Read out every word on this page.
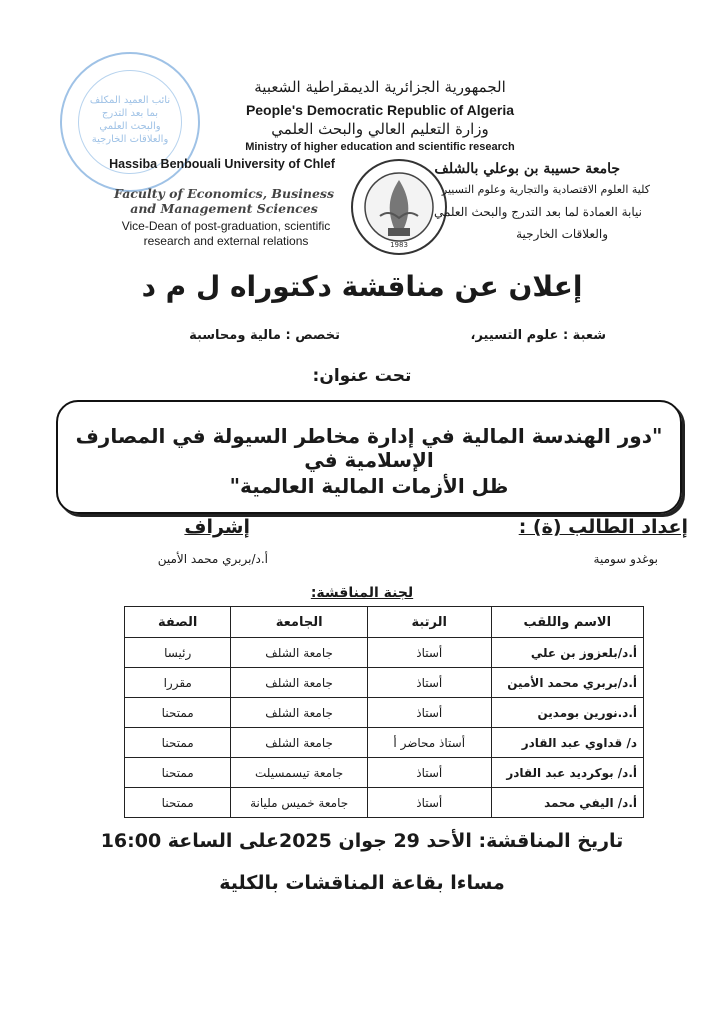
نائب العميد المكلف بما بعد التدرج والبحث العلمي والعلاقات الخارجية
الجمهورية الجزائرية الديمقراطية الشعبية
People's Democratic Republic of Algeria
وزارة التعليم العالي والبحث العلمي
Ministry of higher education and scientific research
Hassiba Benbouali University of Chlef
Faculty of Economics, Business and Management Sciences
Vice-Dean of post-graduation, scientific research and external relations	1983
جامعة حسيبة بن بوعلي بالشلف
كلية العلوم الاقتصادية والتجارية وعلوم التسيير
نيابة العمادة لما بعد التدرج والبحث العلمي
والعلاقات الخارجية
إعلان عن مناقشة دكتوراه ل م د
شعبة : علوم التسيير،
تخصص : مالية ومحاسبة
تحت عنوان:
"دور الهندسة المالية في إدارة مخاطر السيولة في المصارف الإسلامية في
ظل الأزمات المالية العالمية"
إعداد الطالب (ة) :
إشراف
بوغدو سومية
أ.د/بربري محمد الأمين
لجنة المناقشة:
الاسم واللقب	الرتبة	الجامعة	الصفة
أ.د/بلعزوز بن علي	أستاذ	جامعة الشلف	رئيسا
أ.د/بربري محمد الأمين	أستاذ	جامعة الشلف	مقررا
أ.د.نورين بومدين	أستاذ	جامعة الشلف	ممتحنا
د/ قداوي عبد القادر	أستاذ محاضر أ	جامعة الشلف	ممتحنا
أ.د/ بوكرديد عبد القادر	أستاذ	جامعة تيسمسيلت	ممتحنا
أ.د/ اليفي محمد	أستاذ	جامعة خميس مليانة	ممتحنا
تاريخ المناقشة: الأحد 29 جوان 2025على الساعة 16:00
مساءا بقاعة المناقشات بالكلية
